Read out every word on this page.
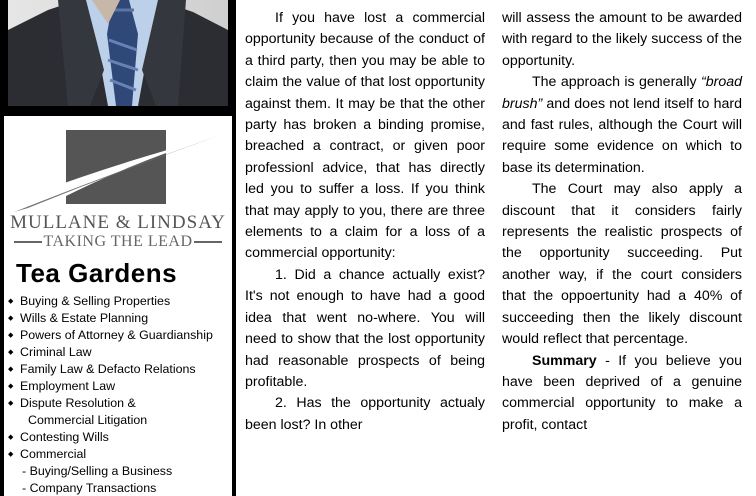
MULLANE & LINDSAY
TAKING THE LEAD
Tea Gardens
◆ Buying & Selling Properties
◆ Wills & Estate Planning
◆ Powers of Attorney & Guardianship
◆ Criminal Law
◆ Family Law & Defacto Relations
◆ Employment Law
◆ Dispute Resolution &
Commercial Litigation
◆ Contesting Wills
◆ Commercial
- Buying/Selling a Business
- Company Transactions

If you have lost a commercial opportunity because of the conduct of a third party, then you may be able to claim the value of that lost opportunity against them. It may be that the other party has broken a binding promise, breached a contract, or given poor professionl advice, that has directly led you to suffer a loss. If you think that may apply to you, there are three elements to a claim for a loss of a commercial opportunity:

1. Did a chance actually exist? It's not enough to have had a good idea that went no-where. You will need to show that the lost opportunity had reasonable prospects of being profitable.

2. Has the opportunity actualy been lost? In other

will assess the amount to be awarded with regard to the likely success of the opportunity.

The approach is generally “broad brush” and does not lend itself to hard and fast rules, although the Court will require some evidence on which to base its determination.

The Court may also apply a discount that it considers fairly represents the realistic prospects of the opportunity succeeding. Put another way, if the court considers that the oppoertunity had a 40% of succeeding then the likely discount would reflect that percentage.

Summary - If you believe you have been deprived of a genuine commercial opportunity to make a profit, contact
